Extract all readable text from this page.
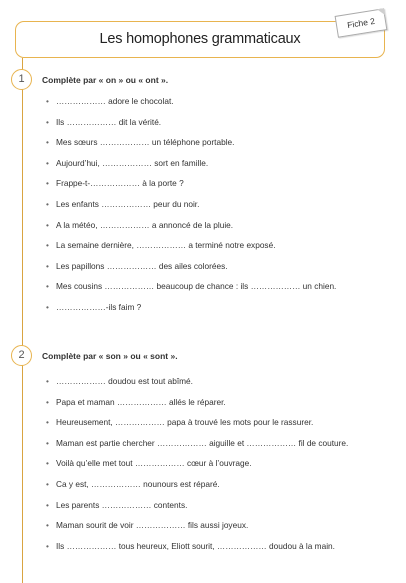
Les homophones grammaticaux
Fiche 2
1	Complète par « on » ou « ont ».
• ……………… adore le chocolat.
• Ils ……………… dit la vérité.
• Mes sœurs ……………… un téléphone portable.
• Aujourd’hui, ……………… sort en famille.
• Frappe-t-……………… à la porte ?
• Les enfants ……………… peur du noir.
• A la météo, ……………… a annoncé de la pluie.
• La semaine dernière, ……………… a terminé notre exposé.
• Les papillons ……………… des ailes colorées.
• Mes cousins ……………… beaucoup de chance : ils ……………… un chien.
• ………………-ils faim ?
2	Complète par « son » ou « sont ».
• ……………… doudou est tout abîmé.
• Papa et maman ……………… allés le réparer.
• Heureusement, ……………… papa à trouvé les mots pour le rassurer.
• Maman est partie chercher ……………… aiguille et ……………… fil de couture.
• Voilà qu’elle met tout ……………… cœur à l’ouvrage.
• Ca y est, ……………… nounours est réparé.
• Les parents ……………… contents.
• Maman sourit de voir ……………… fils aussi joyeux.
• Ils ……………… tous heureux, Eliott sourit, ……………… doudou à la main.
